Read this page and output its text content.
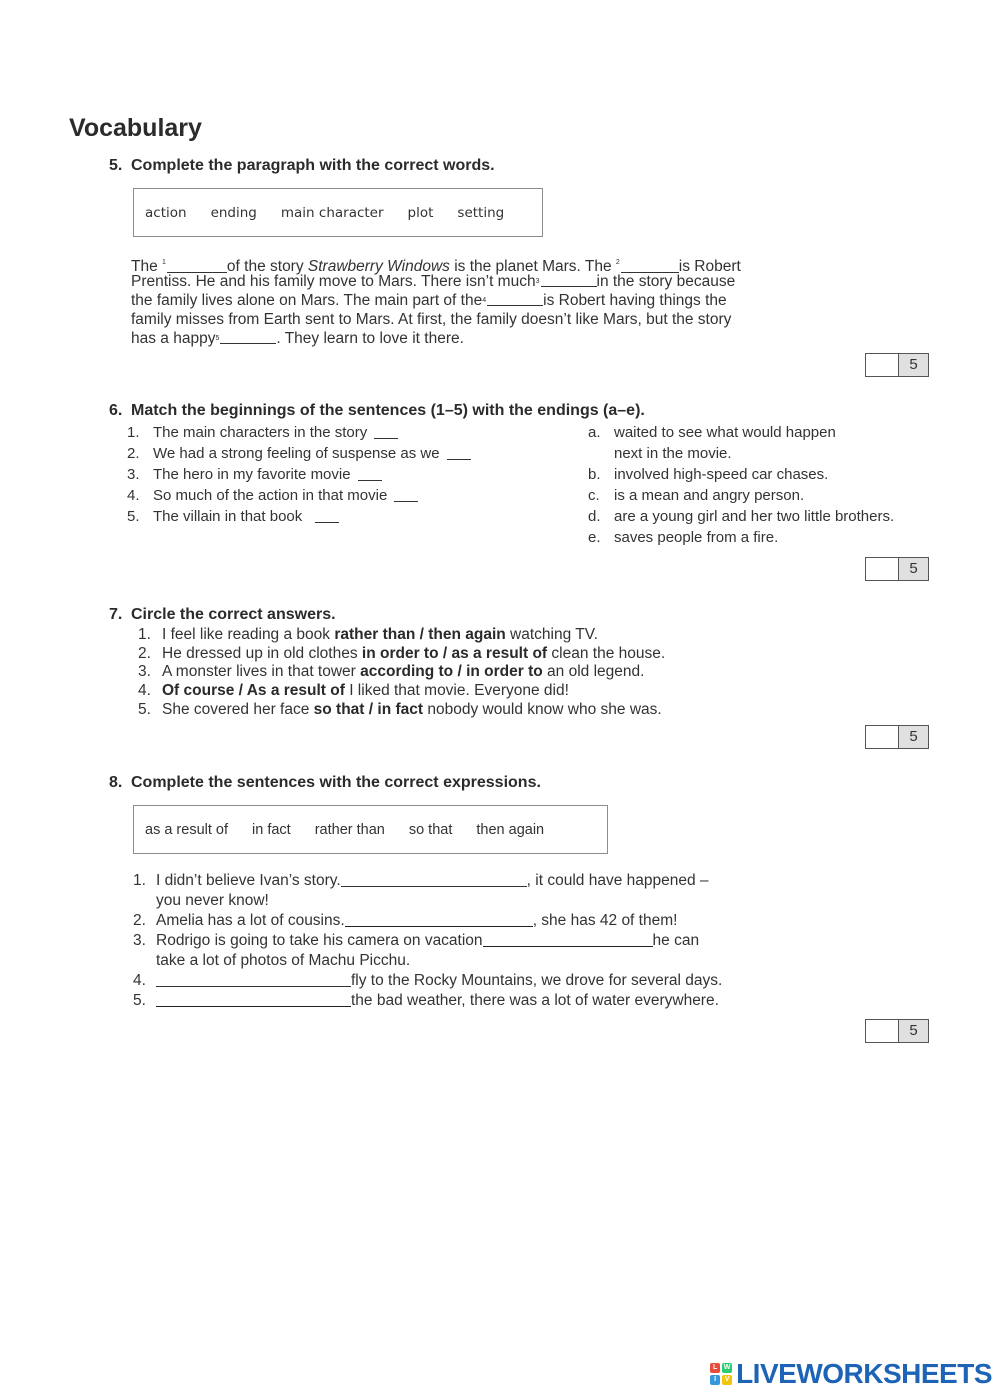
Vocabulary
5. Complete the paragraph with the correct words.
action ending main character plot setting
The $^1$	of the story Strawberry Windows is the planet Mars. The $^2$	is Robert
Prentiss. He and his family move to Mars. There isn’t much 3	in the story because
the family lives alone on Mars. The main part of the 4	is Robert having things the
family misses from Earth sent to Mars. At first, the family doesn’t like Mars, but the story
has a happy 5	. They learn to love it there.
5
6. Match the beginnings of the sentences (1–5) with the endings (a–e).
1. The main characters in the story
2. We had a strong feeling of suspense as we
3. The hero in my favorite movie
4. So much of the action in that movie
5. The villain in that book
a. waited to see what would happen
next in the movie.
b. involved high-speed car chases.
c. is a mean and angry person.
d. are a young girl and her two little brothers.
e. saves people from a fire.
5
7. Circle the correct answers.
1. I feel like reading a book rather than / then again watching TV.
2. He dressed up in old clothes in order to / as a result of clean the house.
3. A monster lives in that tower according to / in order to an old legend.
4. Of course / As a result of I liked that movie. Everyone did!
5. She covered her face so that / in fact nobody would know who she was.
5
8. Complete the sentences with the correct expressions.
as a result of in fact rather than so that then again
1. I didn’t believe Ivan’s story.	, it could have happened –
you never know!
2. Amelia has a lot of cousins.	, she has 42 of them!
3. Rodrigo is going to take his camera on vacation	he can
take a lot of photos of Machu Picchu.
4.	fly to the Rocky Mountains, we drove for several days.
5.	the bad weather, there was a lot of water everywhere.
5
L W
I	V LIVEWORKSHEETS
